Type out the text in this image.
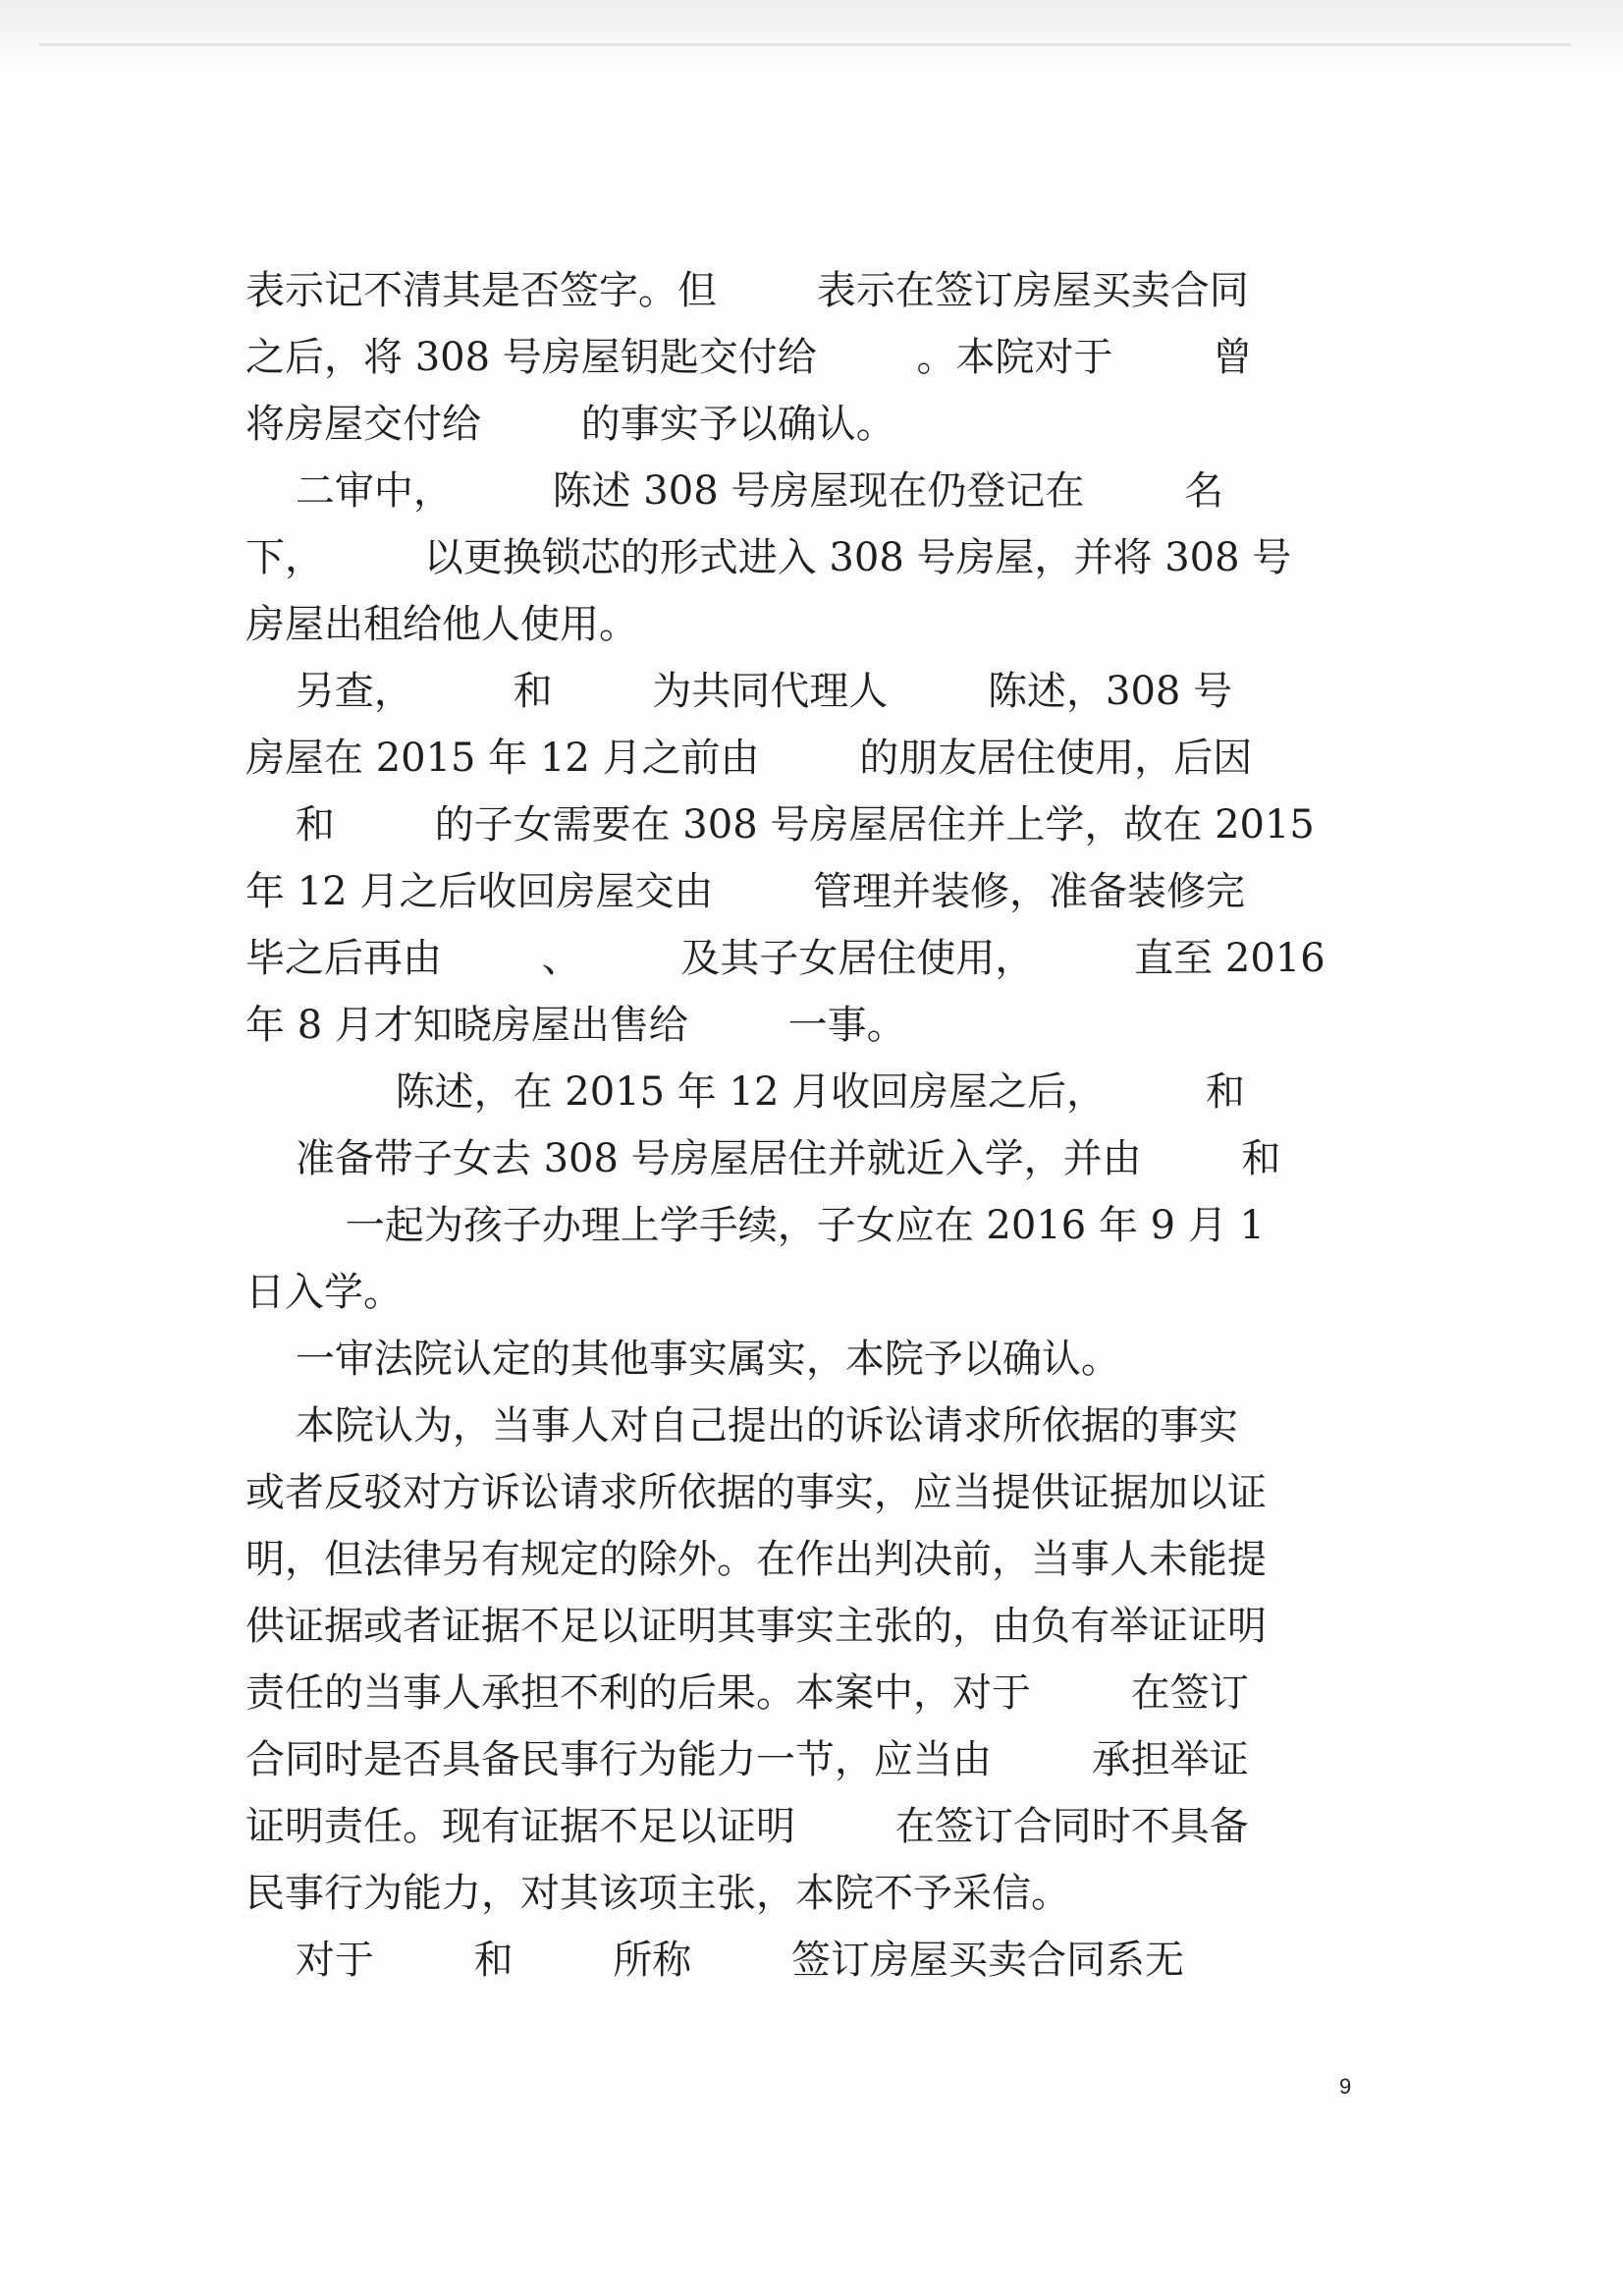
表示记不清其是否签字。但        表示在签订房屋买卖合同
之后，将 308 号房屋钥匙交付给        。本院对于        曾
将房屋交付给        的事实予以确认。
二审中，        陈述 308 号房屋现在仍登记在        名
下，        以更换锁芯的形式进入 308 号房屋，并将 308 号
房屋出租给他人使用。
另查，        和        为共同代理人        陈述，308 号
房屋在 2015 年 12 月之前由        的朋友居住使用，后因
和        的子女需要在 308 号房屋居住并上学，故在 2015
年 12 月之后收回房屋交由        管理并装修，准备装修完
毕之后再由        、        及其子女居住使用，        直至 2016
年 8 月才知晓房屋出售给        一事。
陈述，在 2015 年 12 月收回房屋之后，        和
准备带子女去 308 号房屋居住并就近入学，并由        和
一起为孩子办理上学手续，子女应在 2016 年 9 月 1
日入学。
一审法院认定的其他事实属实，本院予以确认。
本院认为，当事人对自己提出的诉讼请求所依据的事实
或者反驳对方诉讼请求所依据的事实，应当提供证据加以证
明，但法律另有规定的除外。在作出判决前，当事人未能提
供证据或者证据不足以证明其事实主张的，由负有举证证明
责任的当事人承担不利的后果。本案中，对于        在签订
合同时是否具备民事行为能力一节，应当由        承担举证
证明责任。现有证据不足以证明        在签订合同时不具备
民事行为能力，对其该项主张，本院不予采信。
对于        和        所称        签订房屋买卖合同系无
9
